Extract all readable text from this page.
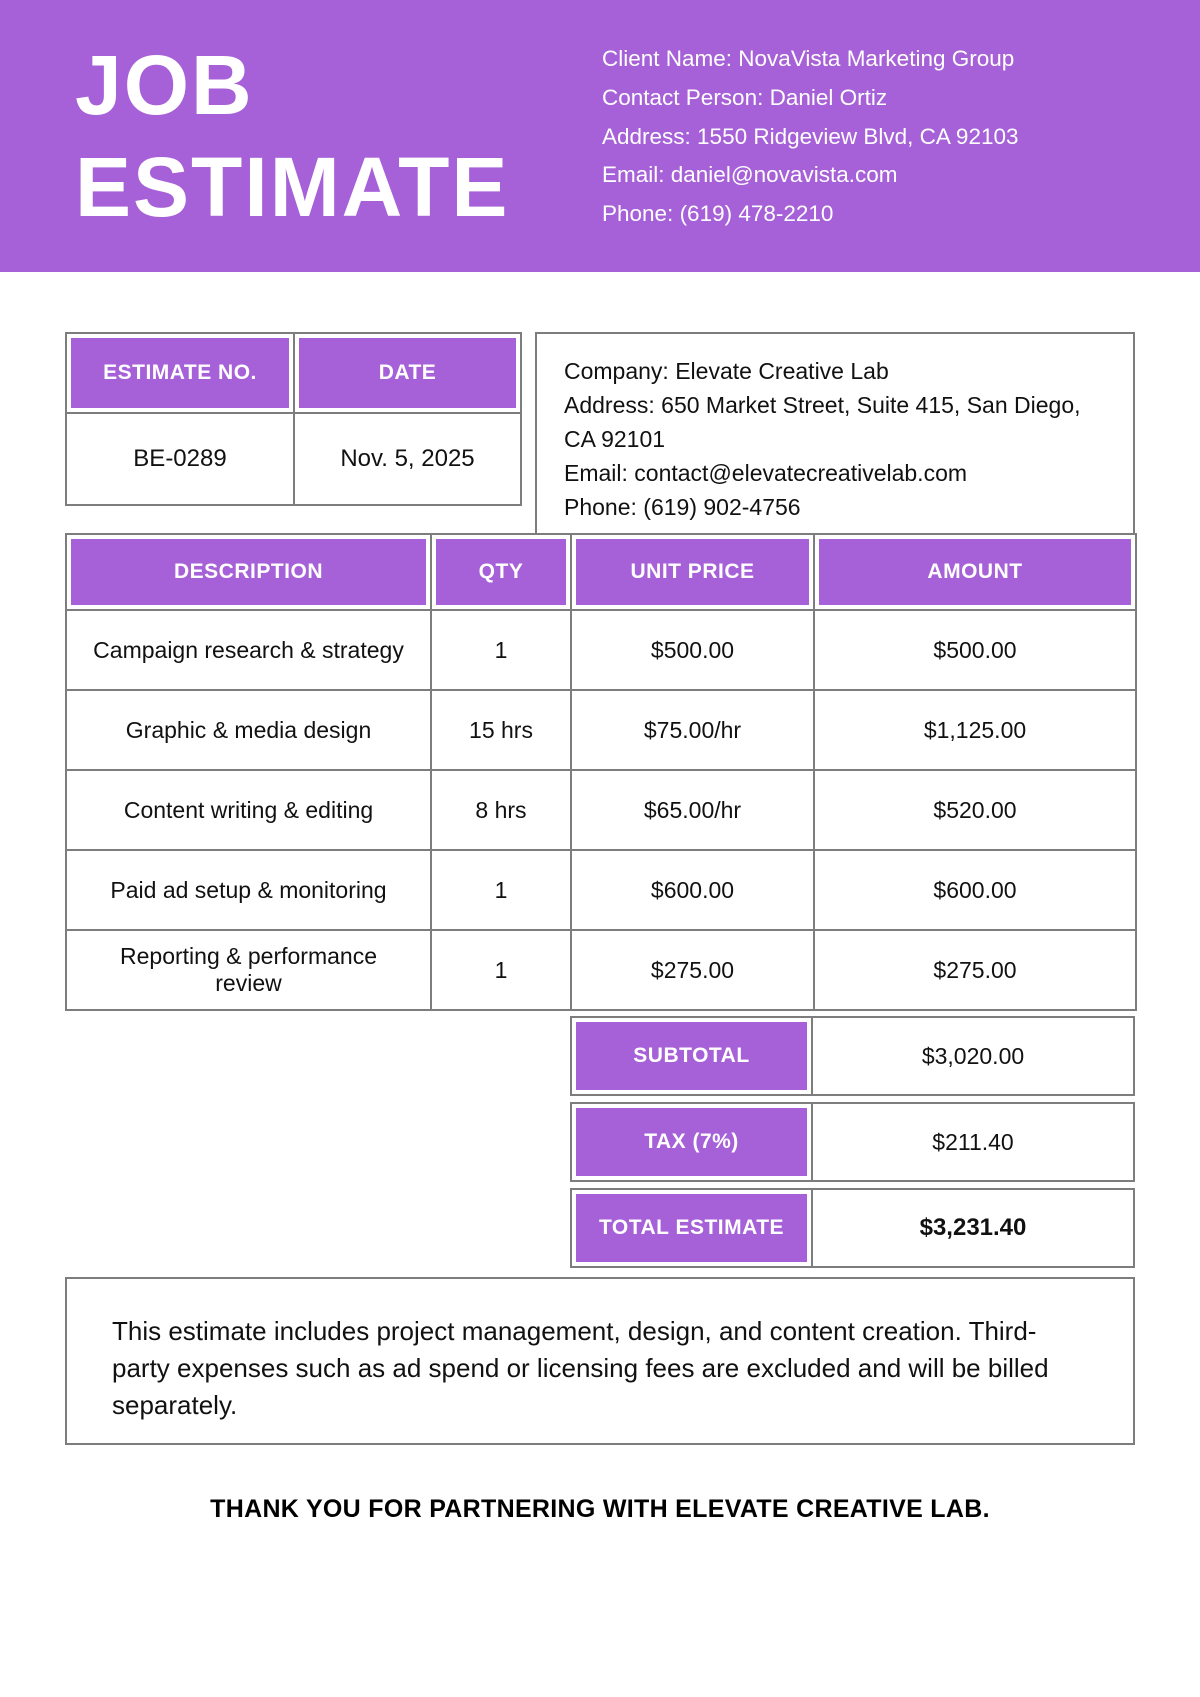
JOB
ESTIMATE
Client Name: NovaVista Marketing Group
Contact Person: Daniel Ortiz
Address: 1550 Ridgeview Blvd, CA 92103
Email: daniel@novavista.com
Phone: (619) 478-2210
ESTIMATE NO.	DATE
BE-0289	Nov. 5, 2025
Company: Elevate Creative Lab
Address: 650 Market Street, Suite 415, San Diego, CA 92101
Email: contact@elevatecreativelab.com
Phone: (619) 902-4756
DESCRIPTION	QTY	UNIT PRICE	AMOUNT
Campaign research & strategy	1	$500.00	$500.00
Graphic & media design	15 hrs	$75.00/hr	$1,125.00
Content writing & editing	8 hrs	$65.00/hr	$520.00
Paid ad setup & monitoring	1	$600.00	$600.00
Reporting & performance review	1	$275.00	$275.00
SUBTOTAL	$3,020.00
TAX (7%)	$211.40
TOTAL ESTIMATE	$3,231.40
This estimate includes project management, design, and content creation. Third-party expenses such as ad spend or licensing fees are excluded and will be billed separately.
THANK YOU FOR PARTNERING WITH ELEVATE CREATIVE LAB.
